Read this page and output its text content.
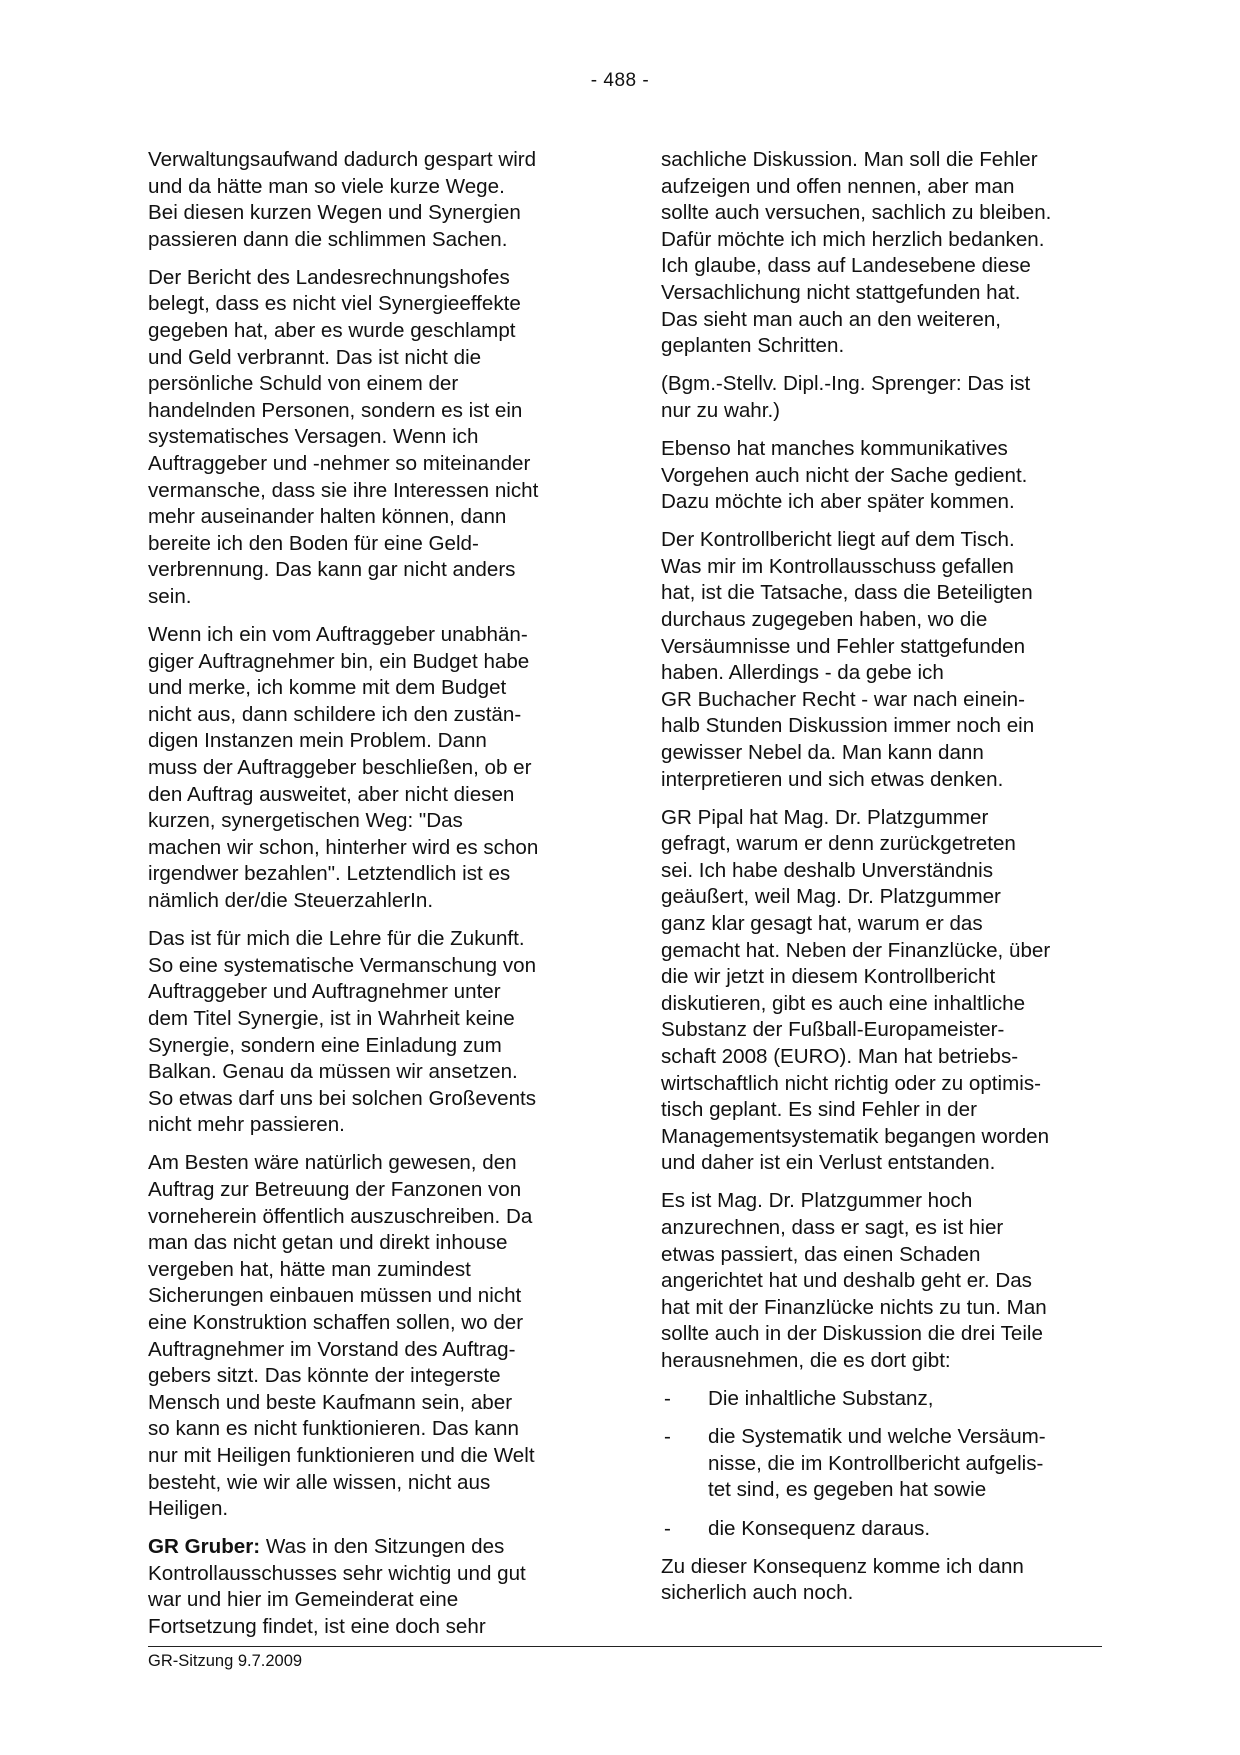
- 488 -

Verwaltungsaufwand dadurch gespart wird
und da hätte man so viele kurze Wege.
Bei diesen kurzen Wegen und Synergien
passieren dann die schlimmen Sachen.

Der Bericht des Landesrechnungshofes
belegt, dass es nicht viel Synergieeffekte
gegeben hat, aber es wurde geschlampt
und Geld verbrannt. Das ist nicht die
persönliche Schuld von einem der
handelnden Personen, sondern es ist ein
systematisches Versagen. Wenn ich
Auftraggeber und -nehmer so miteinander
vermansche, dass sie ihre Interessen nicht
mehr auseinander halten können, dann
bereite ich den Boden für eine Geld-
verbrennung. Das kann gar nicht anders
sein.

Wenn ich ein vom Auftraggeber unabhän-
giger Auftragnehmer bin, ein Budget habe
und merke, ich komme mit dem Budget
nicht aus, dann schildere ich den zustän-
digen Instanzen mein Problem. Dann
muss der Auftraggeber beschließen, ob er
den Auftrag ausweitet, aber nicht diesen
kurzen, synergetischen Weg: "Das
machen wir schon, hinterher wird es schon
irgendwer bezahlen". Letztendlich ist es
nämlich der/die SteuerzahlerIn.

Das ist für mich die Lehre für die Zukunft.
So eine systematische Vermanschung von
Auftraggeber und Auftragnehmer unter
dem Titel Synergie, ist in Wahrheit keine
Synergie, sondern eine Einladung zum
Balkan. Genau da müssen wir ansetzen.
So etwas darf uns bei solchen Großevents
nicht mehr passieren.

Am Besten wäre natürlich gewesen, den
Auftrag zur Betreuung der Fanzonen von
vorneherein öffentlich auszuschreiben. Da
man das nicht getan und direkt inhouse
vergeben hat, hätte man zumindest
Sicherungen einbauen müssen und nicht
eine Konstruktion schaffen sollen, wo der
Auftragnehmer im Vorstand des Auftrag-
gebers sitzt. Das könnte der integerste
Mensch und beste Kaufmann sein, aber
so kann es nicht funktionieren. Das kann
nur mit Heiligen funktionieren und die Welt
besteht, wie wir alle wissen, nicht aus
Heiligen.

GR Gruber: Was in den Sitzungen des
Kontrollausschusses sehr wichtig und gut
war und hier im Gemeinderat eine
Fortsetzung findet, ist eine doch sehr

sachliche Diskussion. Man soll die Fehler
aufzeigen und offen nennen, aber man
sollte auch versuchen, sachlich zu bleiben.
Dafür möchte ich mich herzlich bedanken.
Ich glaube, dass auf Landesebene diese
Versachlichung nicht stattgefunden hat.
Das sieht man auch an den weiteren,
geplanten Schritten.

(Bgm.-Stellv. Dipl.-Ing. Sprenger: Das ist
nur zu wahr.)

Ebenso hat manches kommunikatives
Vorgehen auch nicht der Sache gedient.
Dazu möchte ich aber später kommen.

Der Kontrollbericht liegt auf dem Tisch.
Was mir im Kontrollausschuss gefallen
hat, ist die Tatsache, dass die Beteiligten
durchaus zugegeben haben, wo die
Versäumnisse und Fehler stattgefunden
haben. Allerdings - da gebe ich
GR Buchacher Recht - war nach einein-
halb Stunden Diskussion immer noch ein
gewisser Nebel da. Man kann dann
interpretieren und sich etwas denken.

GR Pipal hat Mag. Dr. Platzgummer
gefragt, warum er denn zurückgetreten
sei. Ich habe deshalb Unverständnis
geäußert, weil Mag. Dr. Platzgummer
ganz klar gesagt hat, warum er das
gemacht hat. Neben der Finanzlücke, über
die wir jetzt in diesem Kontrollbericht
diskutieren, gibt es auch eine inhaltliche
Substanz der Fußball-Europameister-
schaft 2008 (EURO). Man hat betriebs-
wirtschaftlich nicht richtig oder zu optimis-
tisch geplant. Es sind Fehler in der
Managementsystematik begangen worden
und daher ist ein Verlust entstanden.

Es ist Mag. Dr. Platzgummer hoch
anzurechnen, dass er sagt, es ist hier
etwas passiert, das einen Schaden
angerichtet hat und deshalb geht er. Das
hat mit der Finanzlücke nichts zu tun. Man
sollte auch in der Diskussion die drei Teile
herausnehmen, die es dort gibt:

- Die inhaltliche Substanz,
- die Systematik und welche Versäum-
nisse, die im Kontrollbericht aufgelis-
tet sind, es gegeben hat sowie
- die Konsequenz daraus.

Zu dieser Konsequenz komme ich dann
sicherlich auch noch.

GR-Sitzung 9.7.2009
